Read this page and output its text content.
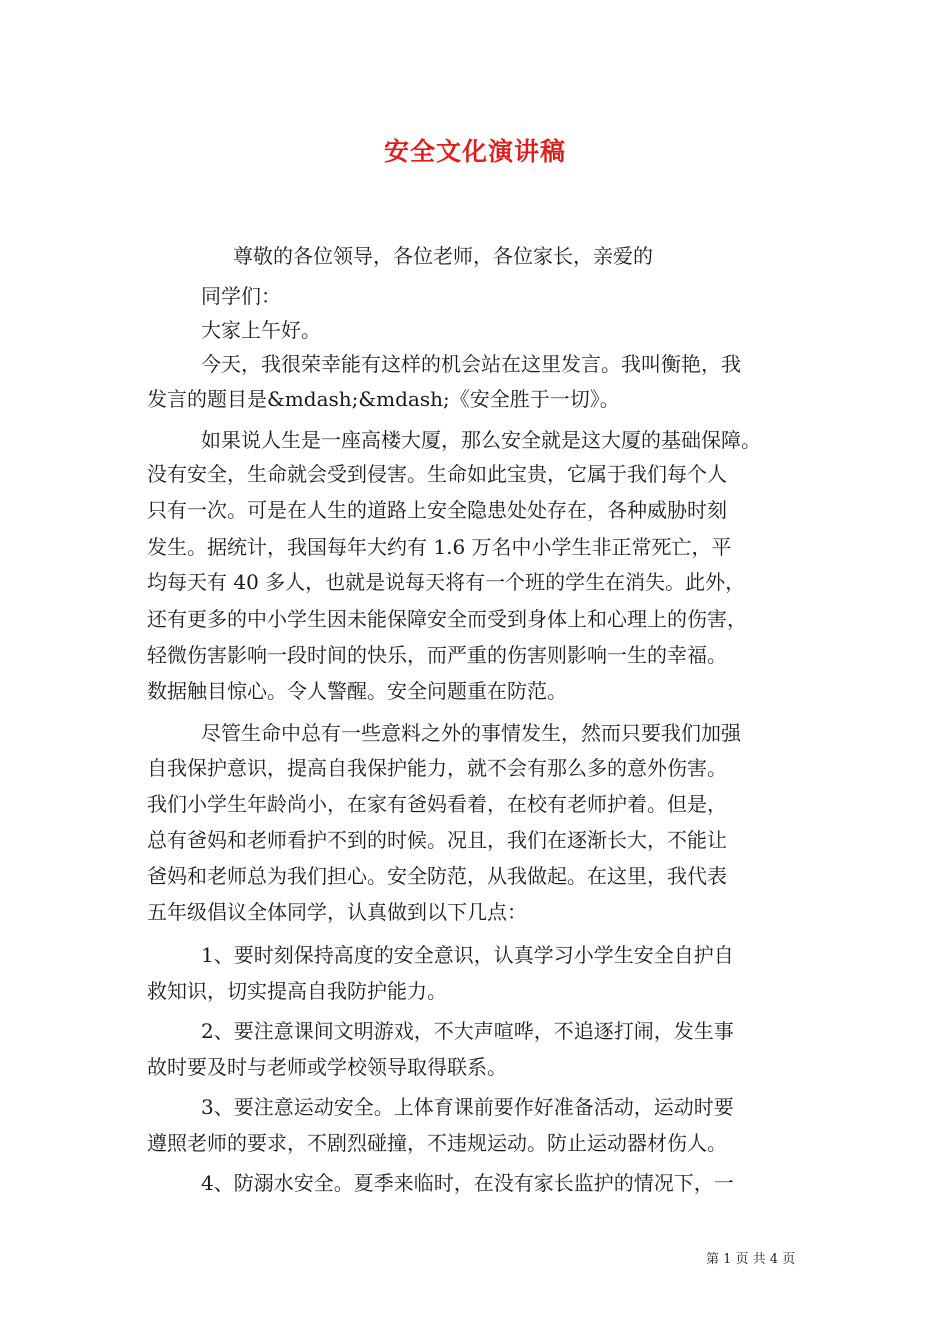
安全文化演讲稿
尊敬的各位领导，各位老师，各位家长，亲爱的
同学们：
大家上午好。
今天，我很荣幸能有这样的机会站在这里发言。我叫衡艳，我
发言的题目是&mdash;&mdash;《安全胜于一切》。
如果说人生是一座高楼大厦，那么安全就是这大厦的基础保障。
没有安全，生命就会受到侵害。生命如此宝贵，它属于我们每个人
只有一次。可是在人生的道路上安全隐患处处存在，各种威胁时刻
发生。据统计，我国每年大约有 1.6 万名中小学生非正常死亡，平
均每天有 40 多人，也就是说每天将有一个班的学生在消失。此外，
还有更多的中小学生因未能保障安全而受到身体上和心理上的伤害，
轻微伤害影响一段时间的快乐，而严重的伤害则影响一生的幸福。
数据触目惊心。令人警醒。安全问题重在防范。
尽管生命中总有一些意料之外的事情发生，然而只要我们加强
自我保护意识，提高自我保护能力，就不会有那么多的意外伤害。
我们小学生年龄尚小，在家有爸妈看着，在校有老师护着。但是，
总有爸妈和老师看护不到的时候。况且，我们在逐渐长大，不能让
爸妈和老师总为我们担心。安全防范，从我做起。在这里，我代表
五年级倡议全体同学，认真做到以下几点：
1、要时刻保持高度的安全意识，认真学习小学生安全自护自
救知识，切实提高自我防护能力。
2、要注意课间文明游戏，不大声喧哗，不追逐打闹，发生事
故时要及时与老师或学校领导取得联系。
3、要注意运动安全。上体育课前要作好准备活动，运动时要
遵照老师的要求，不剧烈碰撞，不违规运动。防止运动器材伤人。
4、防溺水安全。夏季来临时，在没有家长监护的情况下，一
第 1 页 共 4 页
